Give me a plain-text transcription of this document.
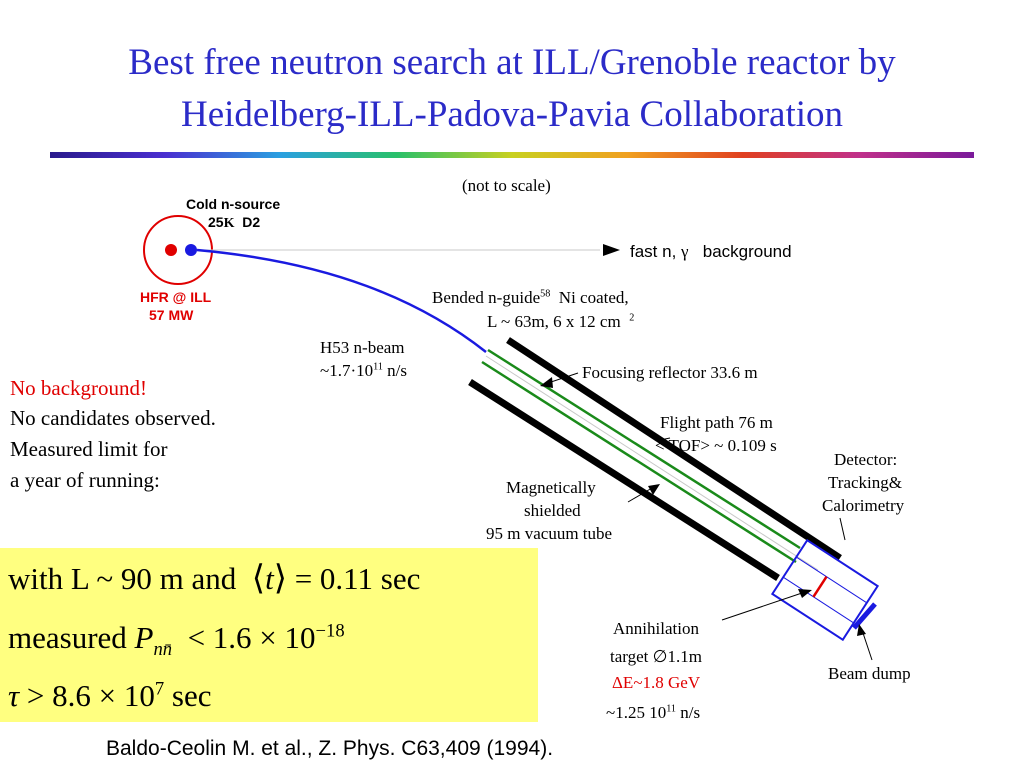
Best free neutron search at ILL/Grenoble reactor by
Heidelberg-ILL-Padova-Pavia Collaboration
(not to scale)
Cold n-source
25K D2
HFR @ ILL
57 MW
fast n, γ background
Bended n-guide$^{58}$ Ni coated,
L ~ 63m, 6 x 12 cm $^2$
H53 n-beam
$\sim 1.7\cdot 10^{11}$ n/s	Focusing reflector 33.6 m
Flight path 76 m
< TOF> ~ 0.109 s
Magnetically
shielded
95 m vacuum tube
Detector:
Tracking&
Calorimetry
Annihilation
target ∅1.1m
ΔE~1.8 GeV
~1.25 $10^{11}$ n/s
Beam dump
No background!
No candidates observed.
Measured limit for
a year of running:
with L ~ 90 m and ⟨t⟩ = 0.11 sec
measured $P_{nn̄} < 1.6 \times 10^{-18}$
$\tau > 8.6 \times 10^7$ sec
Baldo-Ceolin M. et al., Z. Phys. C63,409 (1994).
